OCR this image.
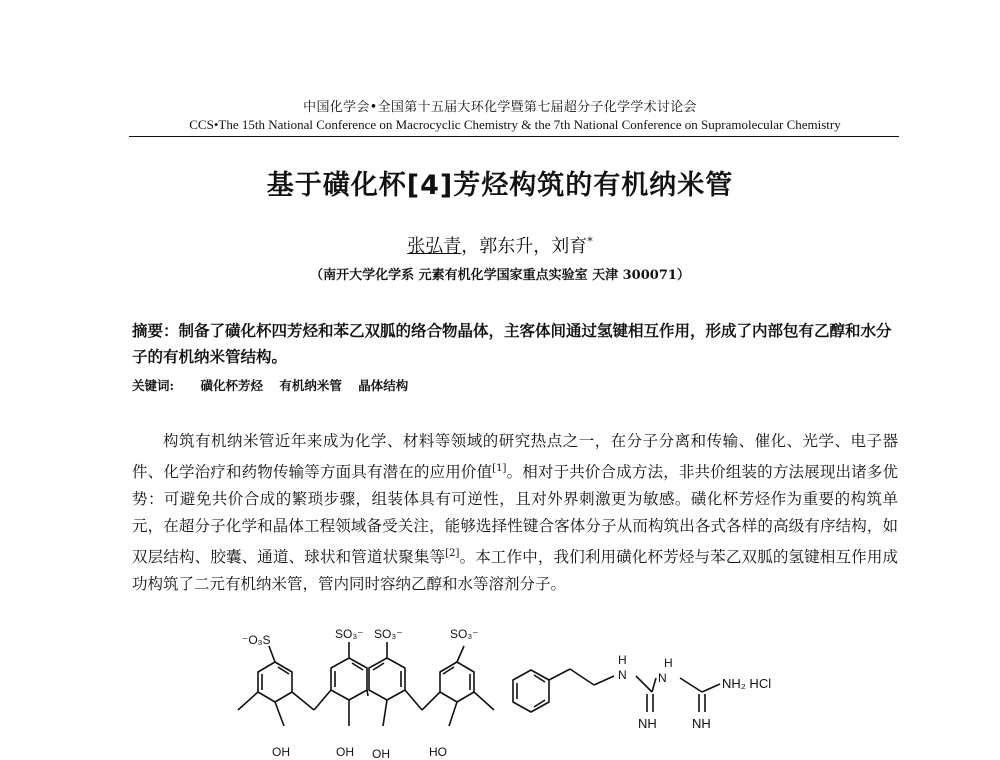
中国化学会•全国第十五届大环化学暨第七届超分子化学学术讨论会
CCS•The 15th National Conference on Macrocyclic Chemistry & the 7th National Conference on Supramolecular Chemistry
基于磺化杯[4]芳烃构筑的有机纳米管
张弘青，郭东升，刘育*
（南开大学化学系 元素有机化学国家重点实验室 天津 300071）
摘要：制备了磺化杯四芳烃和苯乙双胍的络合物晶体，主客体间通过氢键相互作用，形成了内部包有乙醇和水分子的有机纳米管结构。
关键词: 磺化杯芳烃 有机纳米管 晶体结构

构筑有机纳米管近年来成为化学、材料等领域的研究热点之一，在分子分离和传输、催化、光学、电子器件、化学治疗和药物传输等方面具有潜在的应用价值[1]。相对于共价合成方法，非共价组装的方法展现出诸多优势：可避免共价合成的繁琐步骤，组装体具有可逆性，且对外界刺激更为敏感。磺化杯芳烃作为重要的构筑单元，在超分子化学和晶体工程领域备受关注，能够选择性键合客体分子从而构筑出各式各样的高级有序结构，如双层结构、胶囊、通道、球状和管道状聚集等[2]。本工作中，我们利用磺化杯芳烃与苯乙双胍的氢键相互作用成功构筑了二元有机纳米管，管内同时容纳乙醇和水等溶剂分子。

⁻O₃S	SO₃⁻ SO₃⁻	SO₃⁻
OH	OH OH	HO
H
N
H
N	NH₂ HCl
NH	NH
